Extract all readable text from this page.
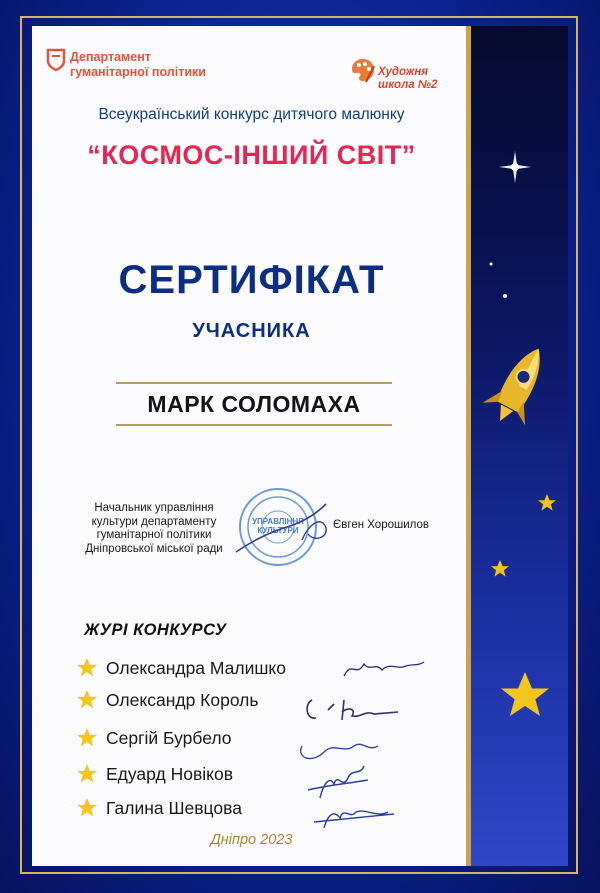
Департамент
гуманітарної політики	Художня
школа №2
Всеукраїнський конкурс дитячого малюнку
“КОСМОС-ІНШИЙ СВІТ”
СЕРТИФІКАТ
УЧАСНИКА
МАРК СОЛОМАХА
Начальник управління
культури департаменту
гуманітарної політики
Дніпровської міської ради
УПРАВЛІННЯ
КУЛЬТУРИ	Євген Хорошилов
ЖУРІ КОНКУРСУ
Олександра Малишко
Олександр Король
Сергій Бурбело
Едуард Новіков
Галина Шевцова
Дніпро 2023
